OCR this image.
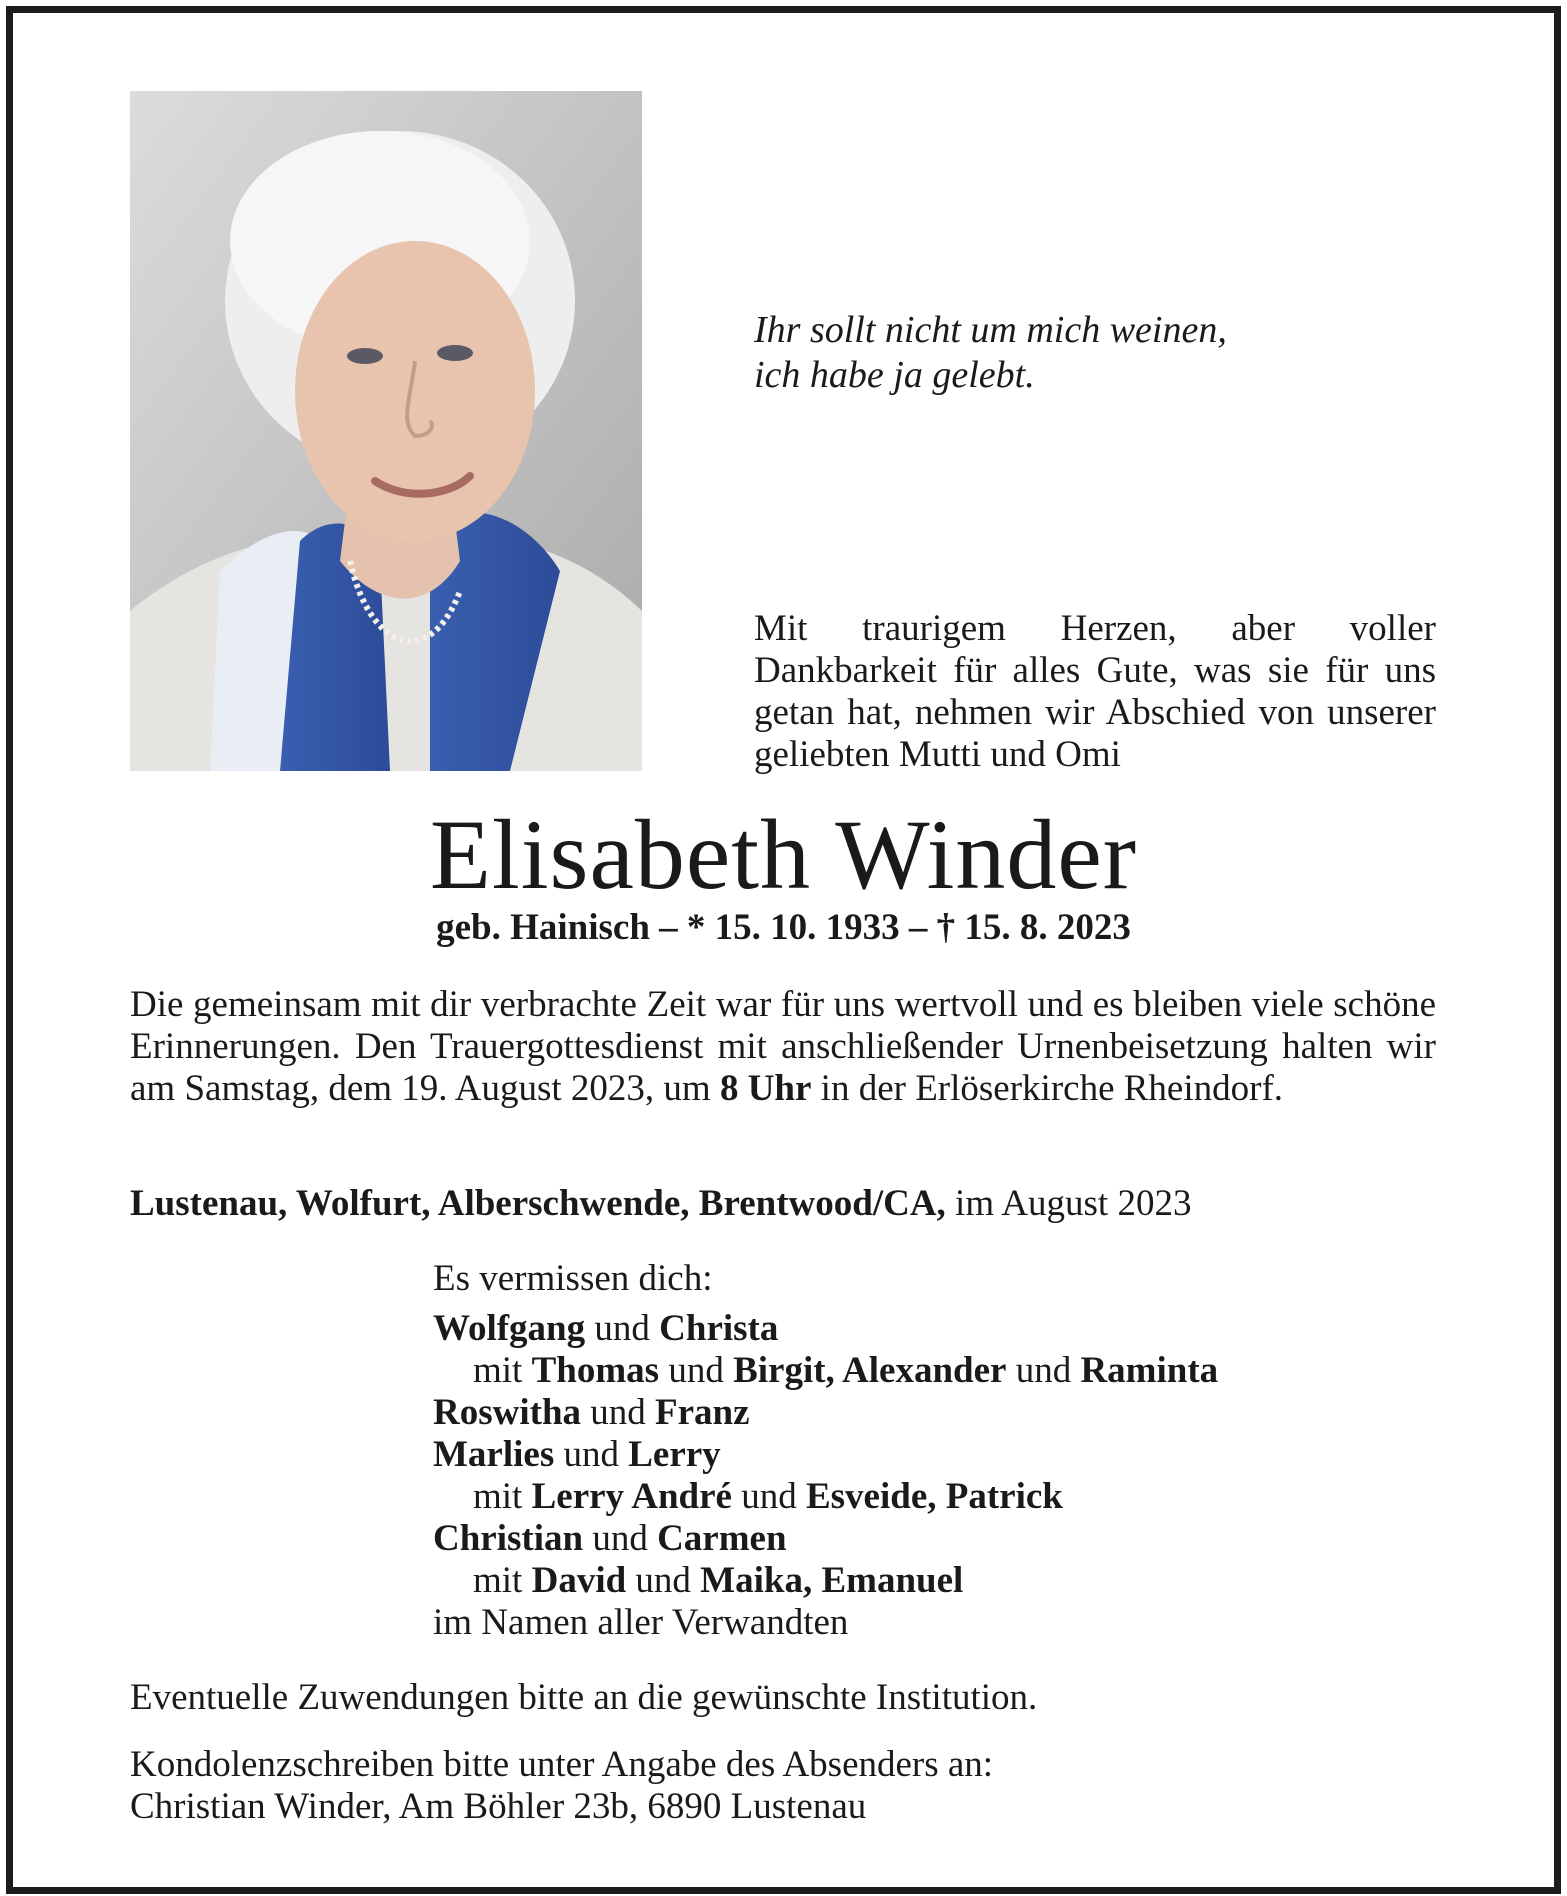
Ihr sollt nicht um mich weinen,
ich habe ja gelebt.
Mit traurigem Herzen, aber voller Dankbarkeit für alles Gute, was sie für uns getan hat, nehmen wir Abschied von unserer geliebten Mutti und Omi
Elisabeth Winder
geb. Hainisch – * 15. 10. 1933 – † 15. 8. 2023
Die gemeinsam mit dir verbrachte Zeit war für uns wertvoll und es bleiben viele schöne Erinnerungen. Den Trauergottesdienst mit anschließender Urnenbeisetzung halten wir am Samstag, dem 19. August 2023, um 8 Uhr in der Erlöserkirche Rheindorf.
Lustenau, Wolfurt, Alberschwende, Brentwood/CA, im August 2023
Es vermissen dich:
Wolfgang und Christa
mit Thomas und Birgit, Alexander und Raminta
Roswitha und Franz
Marlies und Lerry
mit Lerry André und Esveide, Patrick
Christian und Carmen
mit David und Maika, Emanuel
im Namen aller Verwandten
Eventuelle Zuwendungen bitte an die gewünschte Institution.
Kondolenzschreiben bitte unter Angabe des Absenders an:
Christian Winder, Am Böhler 23b, 6890 Lustenau
